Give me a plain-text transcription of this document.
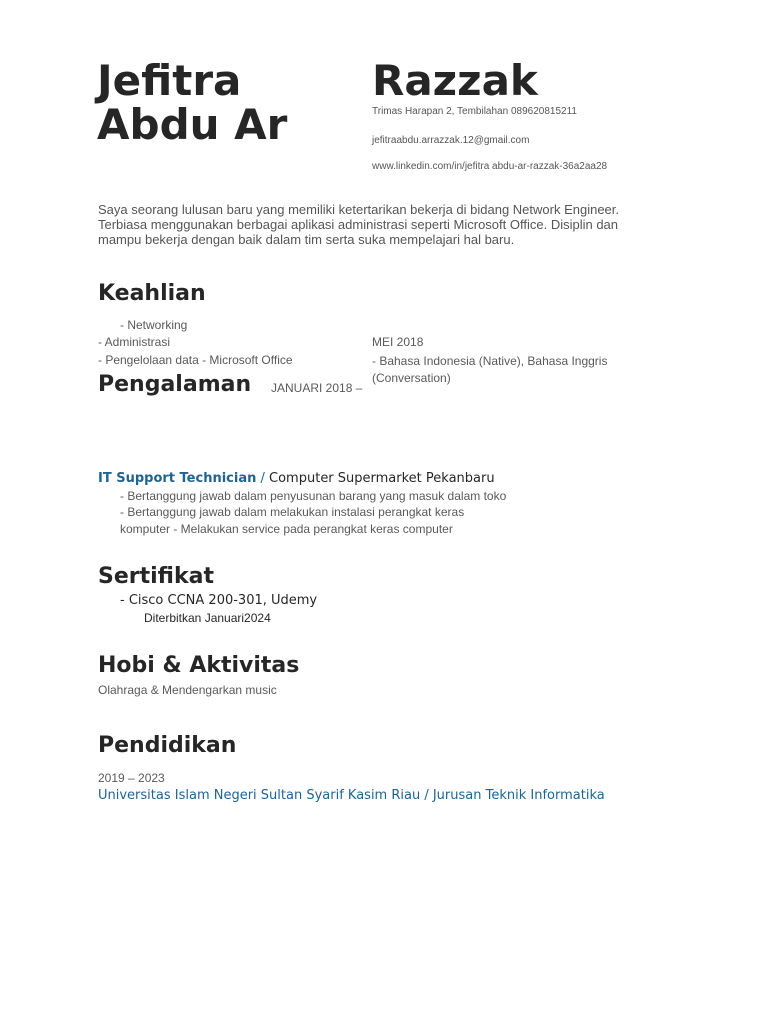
Jefitra
Abdu Ar
Razzak
Trimas Harapan 2, Tembilahan 089620815211
jefitraabdu.arrazzak.12@gmail.com
www.linkedin.com/in/jefitra abdu-ar-razzak-36a2aa28
Saya seorang lulusan baru yang memiliki ketertarikan bekerja di bidang Network Engineer.
Terbiasa menggunakan berbagai aplikasi administrasi seperti Microsoft Office. Disiplin dan
mampu bekerja dengan baik dalam tim serta suka mempelajari hal baru.
Keahlian
- Networking
- Administrasi
- Pengelolaan data - Microsoft Office
MEI 2018
- Bahasa Indonesia (Native), Bahasa Inggris
(Conversation)
Pengalaman JANUARI 2018 –
IT Support Technician / Computer Supermarket Pekanbaru
- Bertanggung jawab dalam penyusunan barang yang masuk dalam toko
- Bertanggung jawab dalam melakukan instalasi perangkat keras
komputer - Melakukan service pada perangkat keras computer
Sertifikat
- Cisco CCNA 200-301, Udemy
Diterbitkan Januari2024
Hobi & Aktivitas
Olahraga & Mendengarkan music
Pendidikan
2019 – 2023
Universitas Islam Negeri Sultan Syarif Kasim Riau / Jurusan Teknik Informatika
